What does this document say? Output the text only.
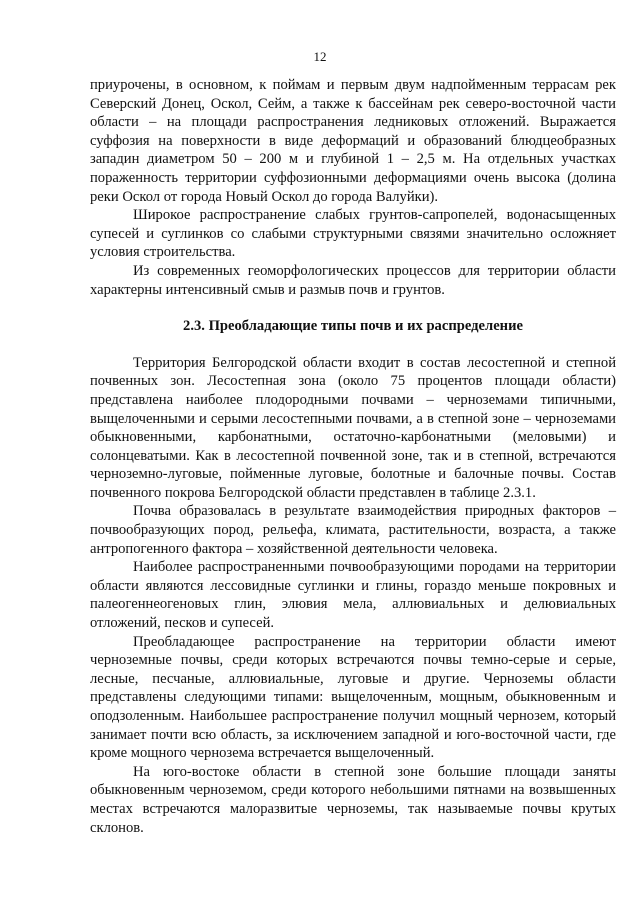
12

приурочены, в основном, к поймам и первым двум надпойменным террасам рек Северский Донец, Оскол, Сейм, а также к бассейнам рек северо-восточной части области – на площади распространения ледниковых отложений. Выражается суффозия на поверхности в виде деформаций и образований блюдцеобразных западин диаметром 50 – 200 м и глубиной 1 – 2,5 м. На отдельных участках пораженность территории суффозионными деформациями очень высока (долина реки Оскол от города Новый Оскол до города Валуйки).

Широкое распространение слабых грунтов-сапропелей, водонасыщенных супесей и суглинков со слабыми структурными связями значительно осложняет условия строительства.

Из современных геоморфологических процессов для территории области характерны интенсивный смыв и размыв почв и грунтов.

2.3. Преобладающие типы почв и их распределение

Территория Белгородской области входит в состав лесостепной и степной почвенных зон. Лесостепная зона (около 75 процентов площади области) представлена наиболее плодородными почвами – черноземами типичными, выщелоченными и серыми лесостепными почвами, а в степной зоне – черноземами обыкновенными, карбонатными, остаточно-карбонатными (меловыми) и солонцеватыми. Как в лесостепной почвенной зоне, так и в степной, встречаются черноземно-луговые, пойменные луговые, болотные и балочные почвы. Состав почвенного покрова Белгородской области представлен в таблице 2.3.1.

Почва образовалась в результате взаимодействия природных факторов – почвообразующих пород, рельефа, климата, растительности, возраста, а также антропогенного фактора – хозяйственной деятельности человека.

Наиболее распространенными почвообразующими породами на территории области являются лессовидные суглинки и глины, гораздо меньше покровных и палеогеннеогеновых глин, элювия мела, аллювиальных и делювиальных отложений, песков и супесей.

Преобладающее распространение на территории области имеют черноземные почвы, среди которых встречаются почвы темно-серые и серые, лесные, песчаные, аллювиальные, луговые и другие. Черноземы области представлены следующими типами: выщелоченным, мощным, обыкновенным и оподзоленным. Наибольшее распространение получил мощный чернозем, который занимает почти всю область, за исключением западной и юго-восточной части, где кроме мощного чернозема встречается выщелоченный.

На юго-востоке области в степной зоне большие площади заняты обыкновенным черноземом, среди которого небольшими пятнами на возвышенных местах встречаются малоразвитые черноземы, так называемые почвы крутых склонов.
